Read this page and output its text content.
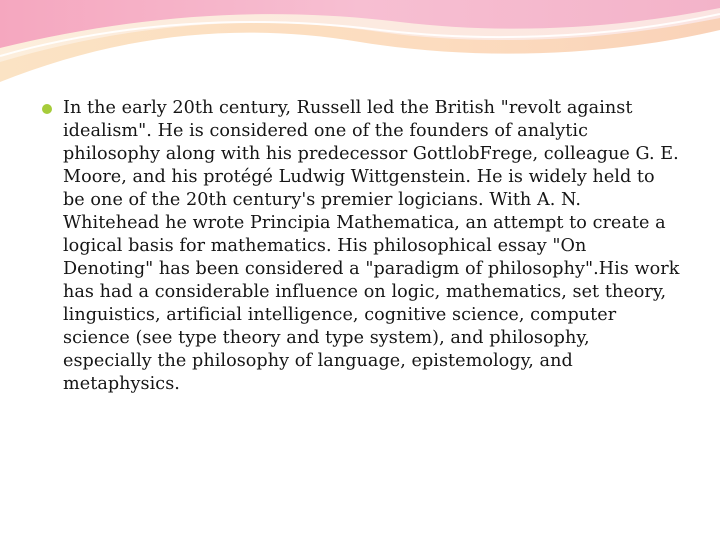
In the early 20th century, Russell led the British "revolt against idealism". He is considered one of the founders of analytic philosophy along with his predecessor GottlobFrege, colleague G. E. Moore, and his protégé Ludwig Wittgenstein. He is widely held to be one of the 20th century's premier logicians. With A. N. Whitehead he wrote Principia Mathematica, an attempt to create a logical basis for mathematics. His philosophical essay "On Denoting" has been considered a "paradigm of philosophy".His work has had a considerable influence on logic, mathematics, set theory, linguistics, artificial intelligence, cognitive science, computer science (see type theory and type system), and philosophy, especially the philosophy of language, epistemology, and metaphysics.
